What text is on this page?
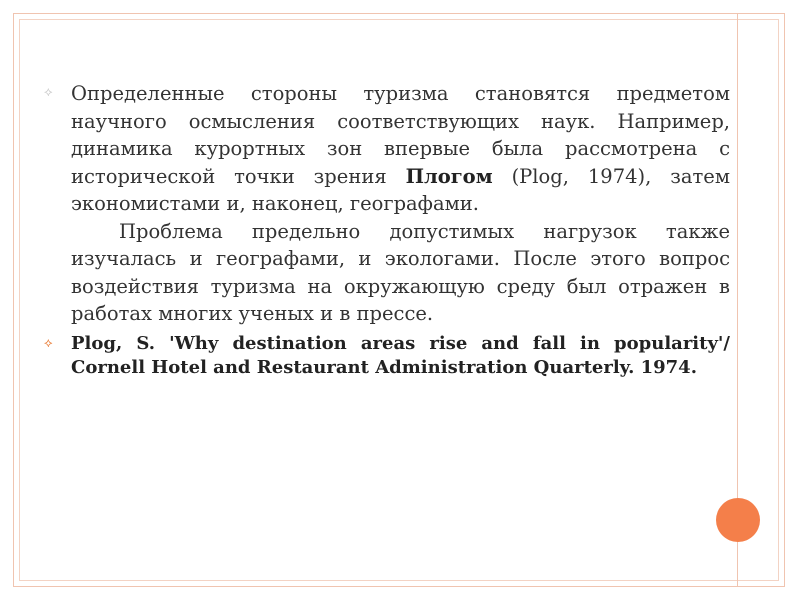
⟡ Определенные стороны туризма становятся предметом научного осмысления соответствующих наук. Например, динамика курортных зон впервые была рассмотрена с исторической точки зрения Плогом (Plog, 1974), затем экономистами и, наконец, географами.

Проблема предельно допустимых нагрузок также изучалась и географами, и экологами. После этого вопрос воздействия туризма на окружающую среду был отражен в работах многих ученых и в прессе.

⟡	Plog, S. 'Why destination areas rise and fall in popularity'/ Cornell Hotel and Restaurant Administration Quarterly. 1974.
